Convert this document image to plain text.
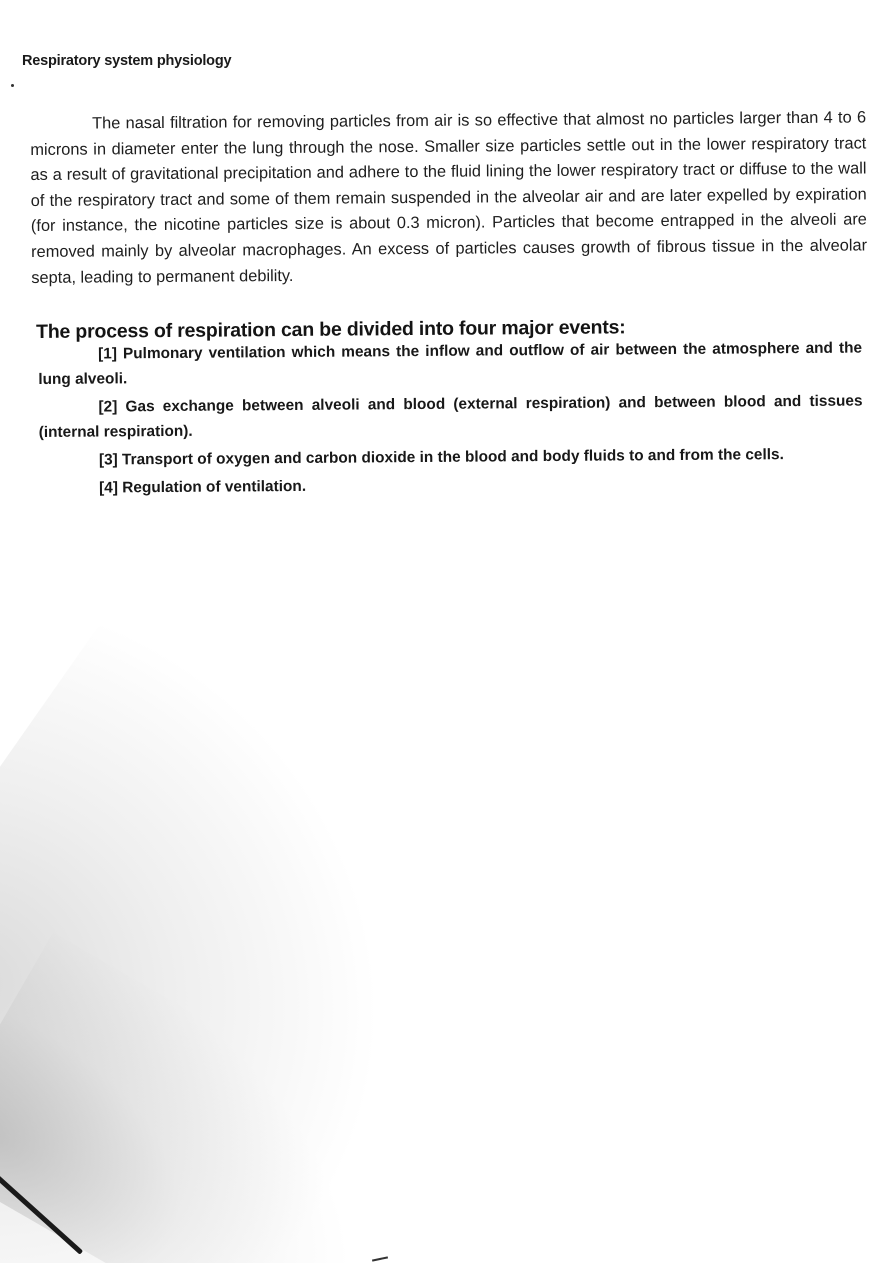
Respiratory system physiology

The nasal filtration for removing particles from air is so effective that almost no particles larger than 4 to 6 microns in diameter enter the lung through the nose. Smaller size particles settle out in the lower respiratory tract as a result of gravitational precipitation and adhere to the fluid lining the lower respiratory tract or diffuse to the wall of the respiratory tract and some of them remain suspended in the alveolar air and are later expelled by expiration (for instance, the nicotine particles size is about 0.3 micron). Particles that become entrapped in the alveoli are removed mainly by alveolar macrophages. An excess of particles causes growth of fibrous tissue in the alveolar septa, leading to permanent debility.

The process of respiration can be divided into four major events:

[1] Pulmonary ventilation which means the inflow and outflow of air between the atmosphere and the lung alveoli.

[2] Gas exchange between alveoli and blood (external respiration) and between blood and tissues (internal respiration).

[3] Transport of oxygen and carbon dioxide in the blood and body fluids to and from the cells.

[4] Regulation of ventilation.
